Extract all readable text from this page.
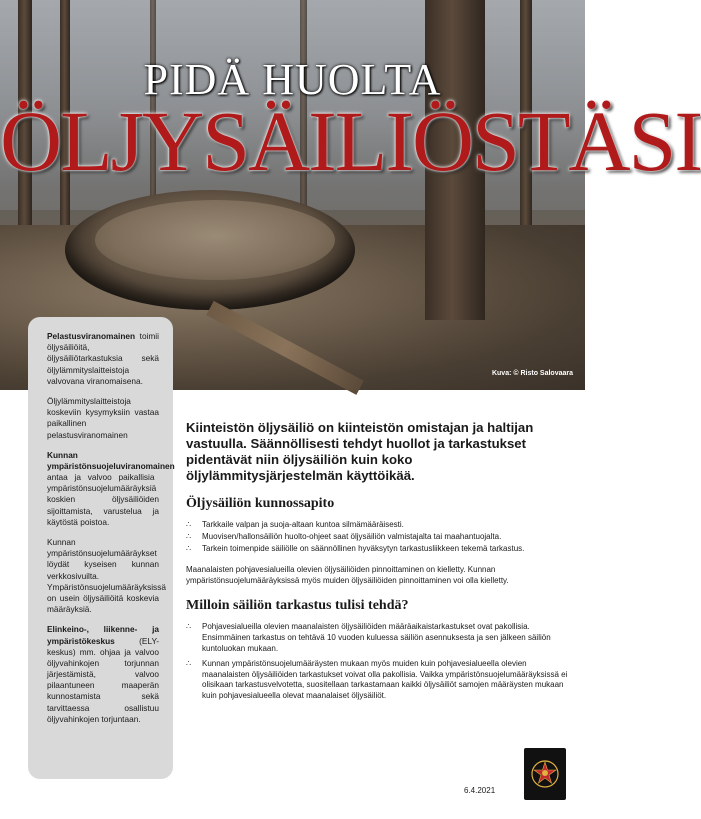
PIDÄ HUOLTA
ÖLJYSÄILIÖSTÄSI
Kuva: © Risto Salovaara

Pelastusviranomainen toimii öljysäiliöitä, öljysäiliötarkastuksia sekä öljylämmityslaitteistoja valvovana viranomaisena.

Öljylämmityslaitteistoja koskeviin kysymyksiin vastaa paikallinen pelastusviranomainen

Kunnan ympäristönsuojeluviranomainen antaa ja valvoo paikallisia ympäristönsuojelumääräyksiä koskien öljysäiliöiden sijoittamista, varustelua ja käytöstä poistoa.

Kunnan ympäristönsuojelumääräykset löydät kyseisen kunnan verkkosivuilta. Ympäristönsuojelumääräyksissä on usein öljysäiliöitä koskevia määräyksiä.

Elinkeino-, liikenne- ja ympäristökeskus (ELY-keskus) mm. ohjaa ja valvoo öljyvahinkojen torjunnan järjestämistä, valvoo pilaantuneen maaperän kunnostamista sekä tarvittaessa osallistuu öljyvahinkojen torjuntaan.

Kiinteistön öljysäiliö on kiinteistön omistajan ja haltijan vastuulla. Säännöllisesti tehdyt huollot ja tarkastukset pidentävät niin öljysäiliön kuin koko öljylämmitysjärjestelmän käyttöikää.

Öljysäiliön kunnossapito
∴ Tarkkaile valpan ja suoja-altaan kuntoa silmämääräisesti.
∴ Muovisen/hallonsäiliön huolto-ohjeet saat öljysäiliön valmistajalta tai maahantuojalta.
∴ Tarkein toimenpide säiliölle on säännöllinen hyväksytyn tarkastusliikkeen tekemä tarkastus.

Maanalaisten pohjavesialueilla olevien öljysäiliöiden pinnoittaminen on kielletty. Kunnan ympäristönsuojelumääräyksissä myös muiden öljysäiliöiden pinnoittaminen voi olla kielletty.

Milloin säiliön tarkastus tulisi tehdä?
∴ Pohjavesialueilla olevien maanalaisten öljysäiliöiden määräaikaistarkastukset ovat pakollisia. Ensimmäinen tarkastus on tehtävä 10 vuoden kuluessa säiliön asennuksesta ja sen jälkeen säiliön kuntoluokan mukaan.
∴ Kunnan ympäristönsuojelumääräysten mukaan myös muiden kuin pohjavesialueella olevien maanalaisten öljysäiliöiden tarkastukset voivat olla pakollisia. Vaikka ympäristönsuojelumääräyksissä ei olisikaan tarkastusvelvotetta, suositellaan tarkastamaan kaikki öljysäiliöt samojen määräysten mukaan kuin pohjavesialueella olevat maanalaiset öljysäiliöt.
6.4.2021
